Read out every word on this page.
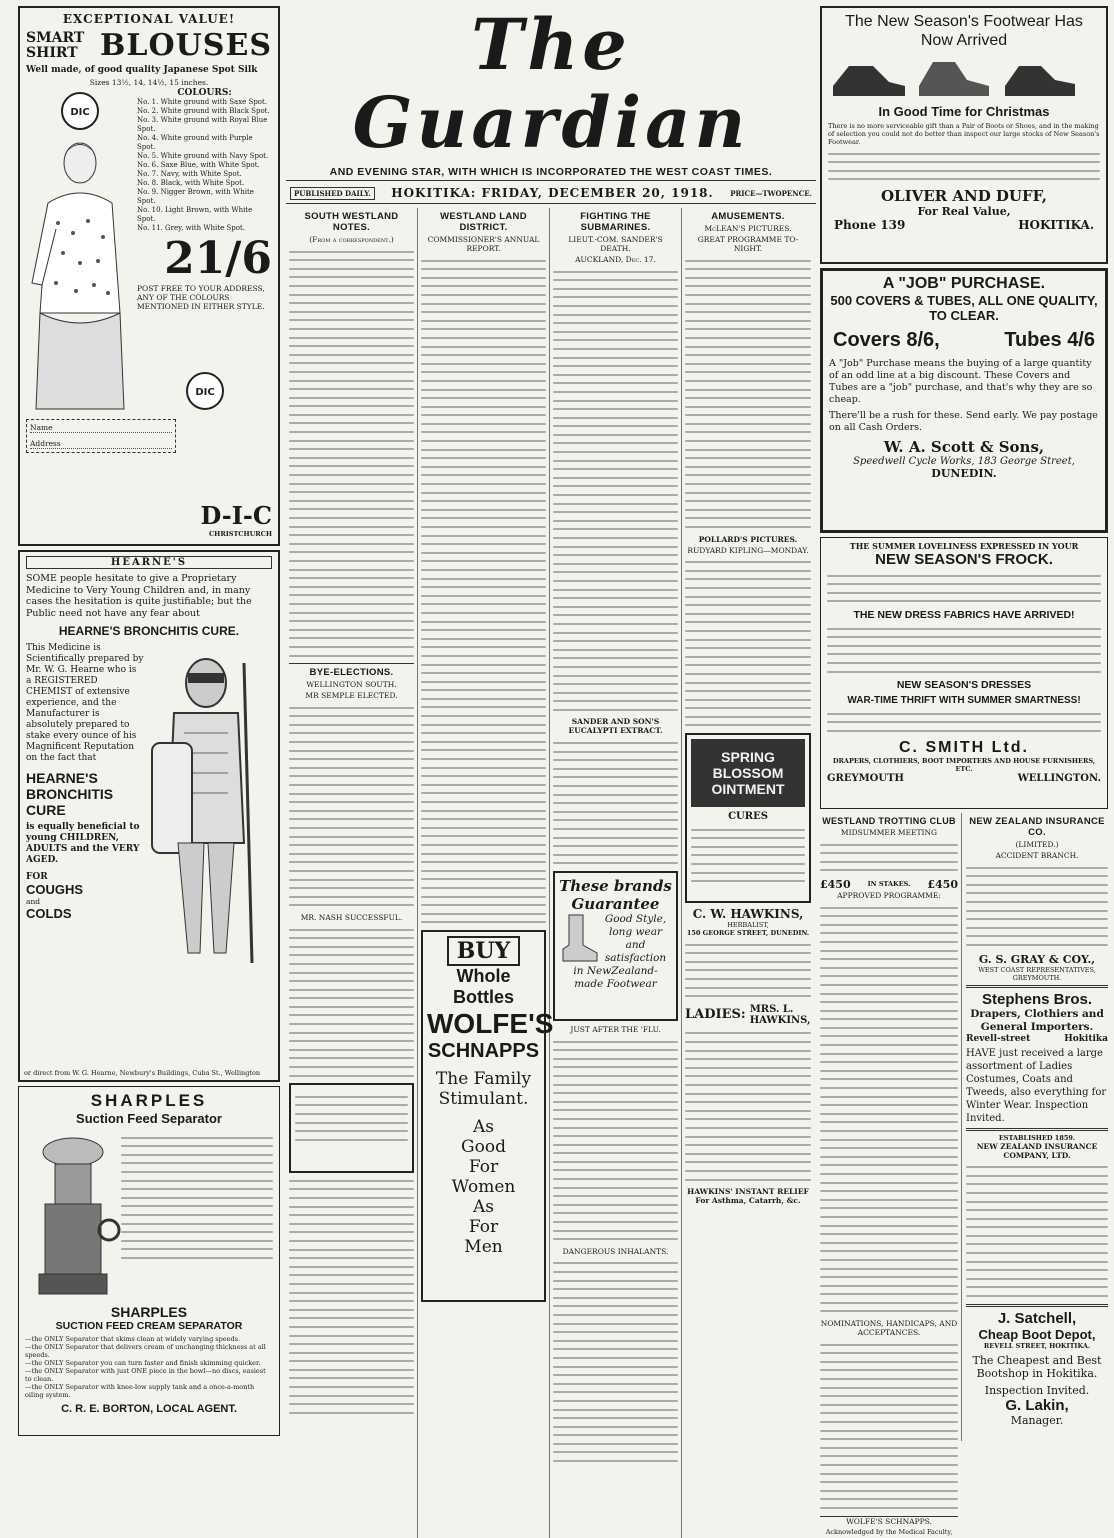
EXCEPTIONAL VALUE!
SMART SHIRT BLOUSES
Well made, of good quality Japanese Spot Silk
Sizes 13½, 14, 14½, 15 inches.
DIC
COLOURS:
No. 1. White ground with Saxe Spot.
No. 2. White ground with Black Spot.
No. 3. White ground with Royal Blue Spot.
No. 4. White ground with Purple Spot.
No. 5. White ground with Navy Spot.
No. 6. Saxe Blue, with White Spot.
No. 7. Navy, with White Spot.
No. 8. Black, with White Spot.
No. 9. Nigger Brown, with White Spot.
No. 10. Light Brown, with White Spot.
No. 11. Grey, with White Spot.
21/6
POST FREE TO YOUR ADDRESS, ANY OF THE COLOURS MENTIONED IN EITHER STYLE.
DIC
Name
Address
D-I-C
CHRISTCHURCH
HEARNE'S
SOME people hesitate to give a Proprietary Medicine to Very Young Children and, in many cases the hesitation is quite justifiable; but the Public need not have any fear about
HEARNE'S BRONCHITIS CURE.
This Medicine is Scientifically prepared by Mr. W. G. Hearne who is a REGISTERED CHEMIST of extensive experience, and the Manufacturer is absolutely prepared to stake every ounce of his Magnificent Reputation on the fact that
HEARNE'S
BRONCHITIS
CURE
is equally beneficial to young CHILDREN, ADULTS and the VERY AGED.
FOR
COUGHS
and
COLDS
or direct from W. G. Hearne, Newbury's Buildings, Cuba St., Wellington
SHARPLES
Suction Feed Separator
SHARPLES
SUCTION FEED CREAM SEPARATOR
—the ONLY Separator that skims clean at widely varying speeds.
—the ONLY Separator that delivers cream of unchanging thickness at all speeds.
—the ONLY Separator you can turn faster and finish skimming quicker.
—the ONLY Separator with just ONE piece in the bowl—no discs, easiest to clean.
—the ONLY Separator with knee-low supply tank and a once-a-month oiling system.
C. R. E. BORTON, LOCAL AGENT.
The Guardian
AND EVENING STAR, WITH WHICH IS INCORPORATED THE WEST COAST TIMES.
PUBLISHED DAILY.	HOKITIKA: FRIDAY, DECEMBER 20, 1918. PRICE—TWOPENCE.
SOUTH WESTLAND NOTES.
(From a correspondent.)
BYE-ELECTIONS.
WELLINGTON SOUTH.
MR SEMPLE ELECTED.
MR. NASH SUCCESSFUL.
WESTLAND LAND DISTRICT.
COMMISSIONER'S ANNUAL REPORT.
BUY
Whole Bottles
WOLFE'S
SCHNAPPS
The Family
Stimulant.
As
Good
For
Women
As
For
Men
FIGHTING THE SUBMARINES.
LIEUT.-COM. SANDER'S DEATH.
AUCKLAND, Dec. 17.
SANDER AND SON'S EUCALYPTI EXTRACT.
These brands Guarantee
Good Style, long wear and satisfaction in NewZealand-made Footwear
JUST AFTER THE 'FLU.
DANGEROUS INHALANTS.
AMUSEMENTS.
McLEAN'S PICTURES.
GREAT PROGRAMME TO-NIGHT.
POLLARD'S PICTURES.
RUDYARD KIPLING—MONDAY.
SPRING BLOSSOM OINTMENT
CURES
C. W. HAWKINS,
HERBALIST,
150 GEORGE STREET, DUNEDIN.
LADIES: MRS. L. HAWKINS,
HAWKINS' INSTANT RELIEF For Asthma, Catarrh, &c.
The New Season's Footwear Has Now Arrived
In Good Time for Christmas
There is no more serviceable gift than a Pair of Boots or Shoes, and in the making of selection you could not do better than inspect our large stocks of New Season's Footwear.
OLIVER AND DUFF,
For Real Value,
Phone 139	HOKITIKA.
A "JOB" PURCHASE.
500 COVERS & TUBES, ALL ONE QUALITY, TO CLEAR.
Covers 8/6,	Tubes 4/6
A "Job" Purchase means the buying of a large quantity of an odd line at a big discount. These Covers and Tubes are a "job" purchase, and that's why they are so cheap.
There'll be a rush for these. Send early. We pay postage on all Cash Orders.
W. A. Scott & Sons,
Speedwell Cycle Works, 183 George Street,
DUNEDIN.
THE SUMMER LOVELINESS EXPRESSED IN YOUR
NEW SEASON'S FROCK.
THE NEW DRESS FABRICS HAVE ARRIVED!
NEW SEASON'S DRESSES
WAR-TIME THRIFT WITH SUMMER SMARTNESS!
C. SMITH Ltd.
DRAPERS, CLOTHIERS, BOOT IMPORTERS AND HOUSE FURNISHERS, ETC.
GREYMOUTH	WELLINGTON.
WESTLAND TROTTING CLUB
MIDSUMMER MEETING
£450	IN STAKES. £450
APPROVED PROGRAMME:
NOMINATIONS, HANDICAPS, AND ACCEPTANCES.
WOLFE'S SCHNAPPS.
Acknowledged by the Medical Faculty,
NEW ZEALAND INSURANCE CO.
(LIMITED.)
ACCIDENT BRANCH.
G. S. GRAY & COY.,
WEST COAST REPRESENTATIVES, GREYMOUTH.
Stephens Bros.
Drapers, Clothiers and General Importers.
Revell-street	Hokitika
HAVE just received a large assortment of Ladies Costumes, Coats and Tweeds, also everything for Winter Wear. Inspection Invited.
ESTABLISHED 1859.
NEW ZEALAND INSURANCE COMPANY, LTD.
J. Satchell,
Cheap Boot Depot,
REVELL STREET, HOKITIKA.
The Cheapest and Best
Bootshop in Hokitika.
Inspection Invited.
G. Lakin,
Manager.
